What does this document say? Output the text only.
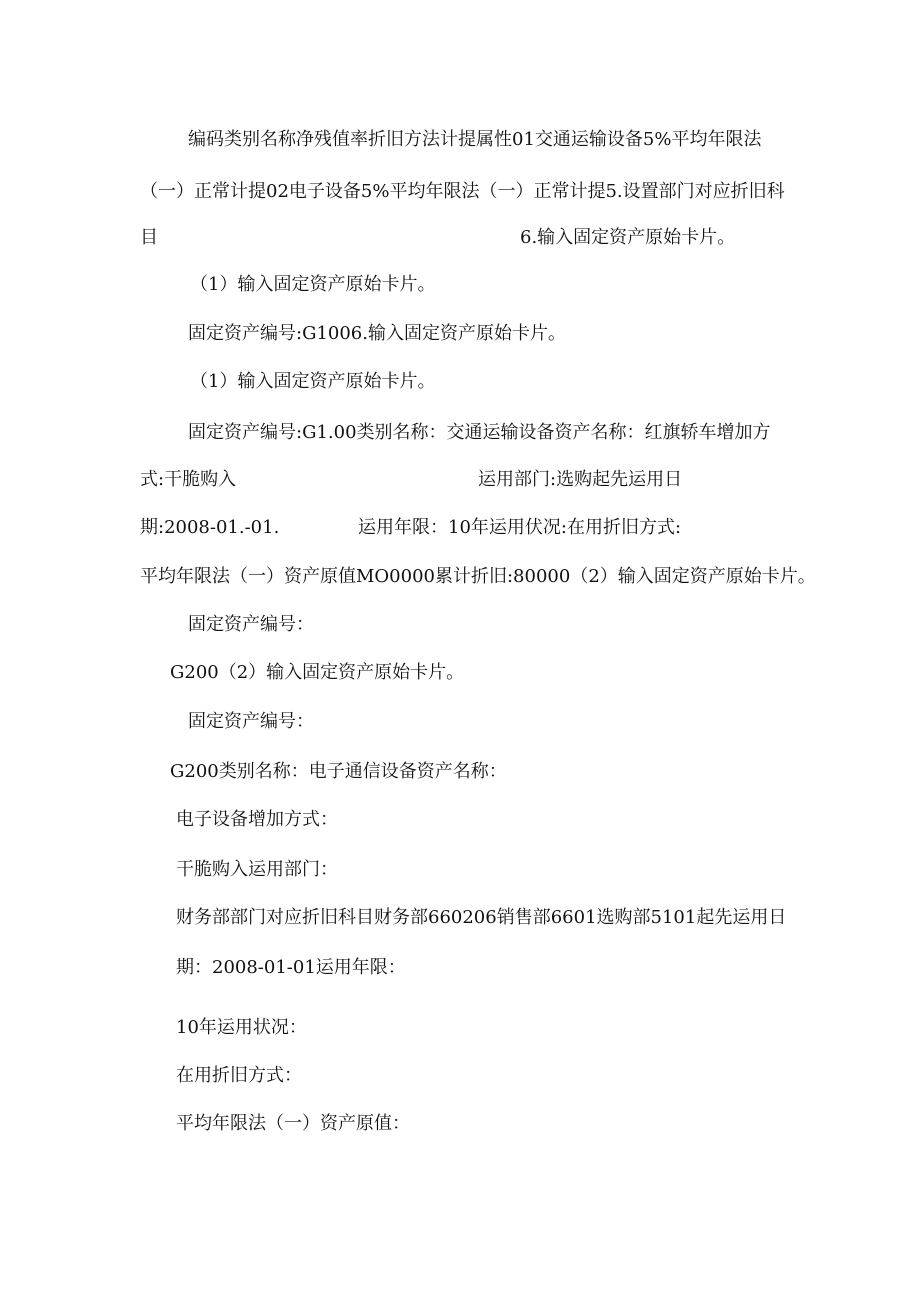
编码类别名称净残值率折旧方法计提属性01交通运输设备5%平均年限法

（一）正常计提02电子设备5%平均年限法（一）正常计提5.设置部门对应折旧科

目	6.输入固定资产原始卡片。

（1）输入固定资产原始卡片。

固定资产编号:G1006.输入固定资产原始卡片。

（1）输入固定资产原始卡片。

固定资产编号:G1.00类别名称：交通运输设备资产名称：红旗轿车增加方

式:干脆购入	运用部门:选购起先运用日
期:2008-01.-01.	运用年限：10年运用伏况:在用折旧方式:

平均年限法（一）资产原值MO0000累计折旧:80000（2）输入固定资产原始卡片。

固定资产编号：

G200（2）输入固定资产原始卡片。

固定资产编号：

G200类别名称：电子通信设备资产名称：

电子设备增加方式：

干脆购入运用部门：

财务部部门对应折旧科目财务部660206销售部6601选购部5101起先运用日

期：2008-01-01运用年限：

10年运用状况：

在用折旧方式：

平均年限法（一）资产原值：
